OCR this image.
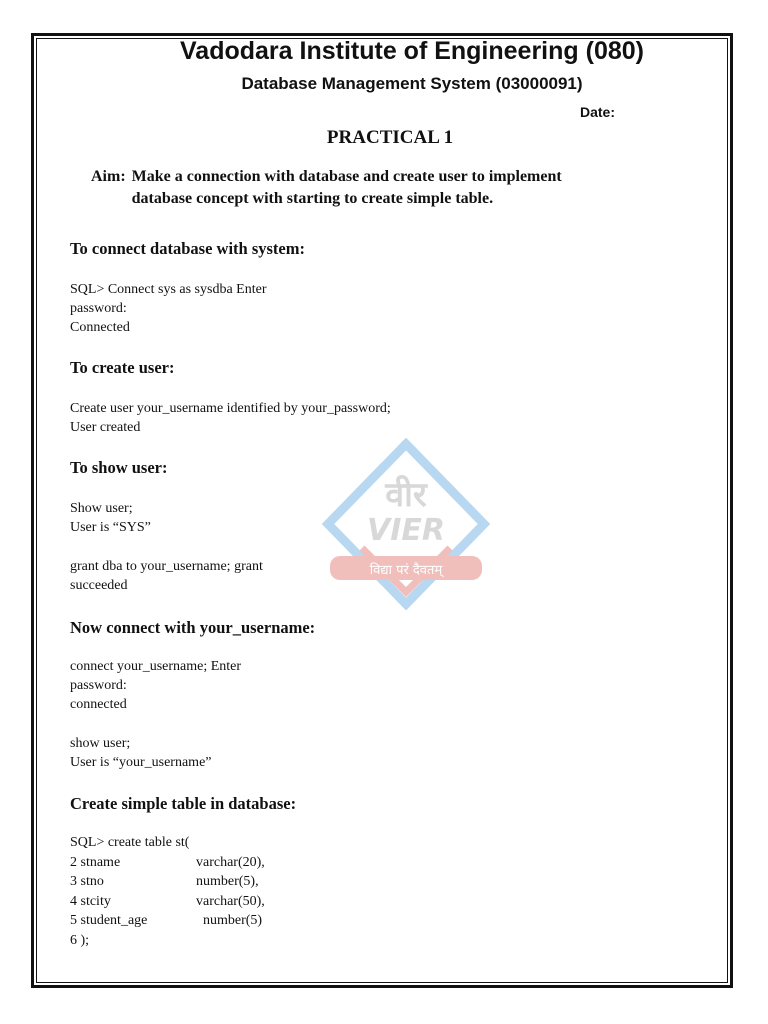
Vadodara Institute of Engineering (080)
Database Management System (03000091)
Date:
PRACTICAL 1
Aim: Make a connection with database and create user to implement database concept with starting to create simple table.
वीर
VIER
विद्या परं दैवतम्
To connect database with system:
SQL> Connect sys as sysdba Enter
password:
Connected
To create user:
Create user your_username identified by your_password;
User created
To show user:
Show user;
User is “SYS”
grant dba to your_username; grant
succeeded
Now connect with your_username:
connect your_username; Enter
password:
connected
show user;
User is “your_username”
Create simple table in database:
SQL> create table st(
2 stname	varchar(20),
3 stno	number(5),
4 stcity	varchar(50),
5 student_age	number(5)
6 );
